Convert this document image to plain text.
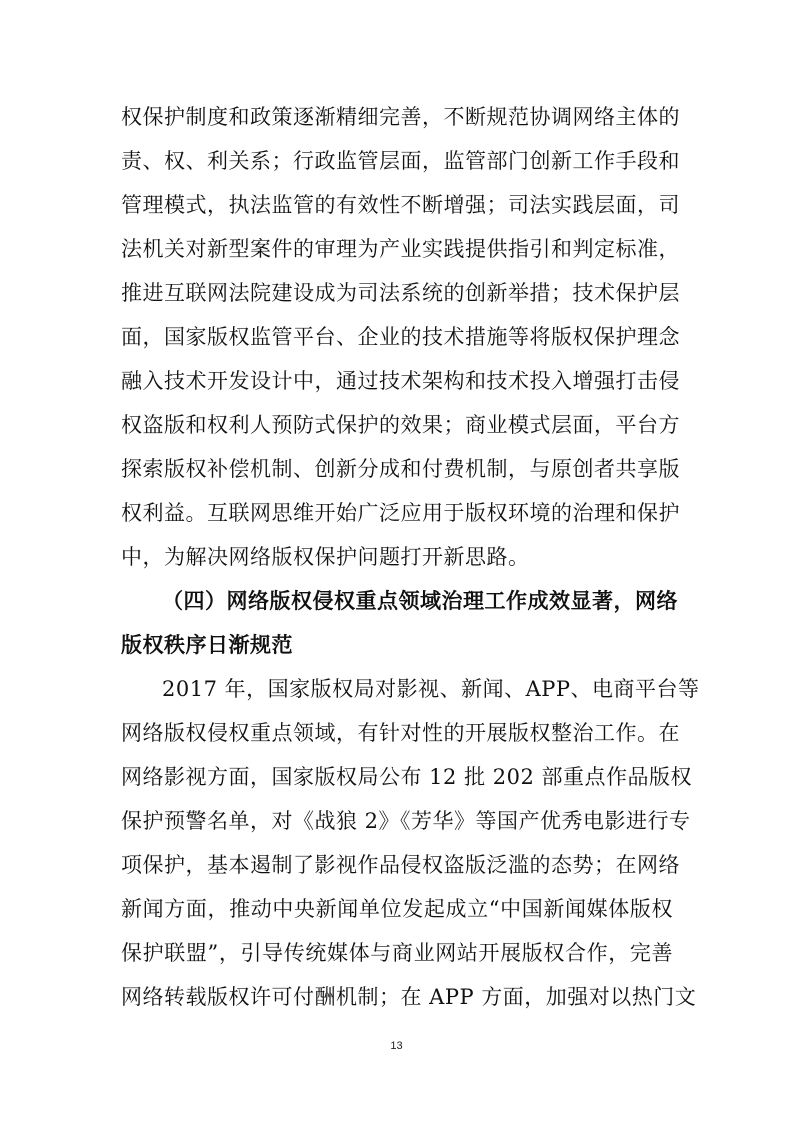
权保护制度和政策逐渐精细完善，不断规范协调网络主体的
责、权、利关系；行政监管层面，监管部门创新工作手段和
管理模式，执法监管的有效性不断增强；司法实践层面，司
法机关对新型案件的审理为产业实践提供指引和判定标准，
推进互联网法院建设成为司法系统的创新举措；技术保护层
面，国家版权监管平台、企业的技术措施等将版权保护理念
融入技术开发设计中，通过技术架构和技术投入增强打击侵
权盗版和权利人预防式保护的效果；商业模式层面，平台方
探索版权补偿机制、创新分成和付费机制，与原创者共享版
权利益。互联网思维开始广泛应用于版权环境的治理和保护
中，为解决网络版权保护问题打开新思路。
（四）网络版权侵权重点领域治理工作成效显著，网络
版权秩序日渐规范
2017 年，国家版权局对影视、新闻、APP、电商平台等
网络版权侵权重点领域，有针对性的开展版权整治工作。在
网络影视方面，国家版权局公布 12 批 202 部重点作品版权
保护预警名单，对《战狼 2》《芳华》等国产优秀电影进行专
项保护，基本遏制了影视作品侵权盗版泛滥的态势；在网络
新闻方面，推动中央新闻单位发起成立“中国新闻媒体版权
保护联盟”，引导传统媒体与商业网站开展版权合作，完善
网络转载版权许可付酬机制；在 APP 方面，加强对以热门文
13
